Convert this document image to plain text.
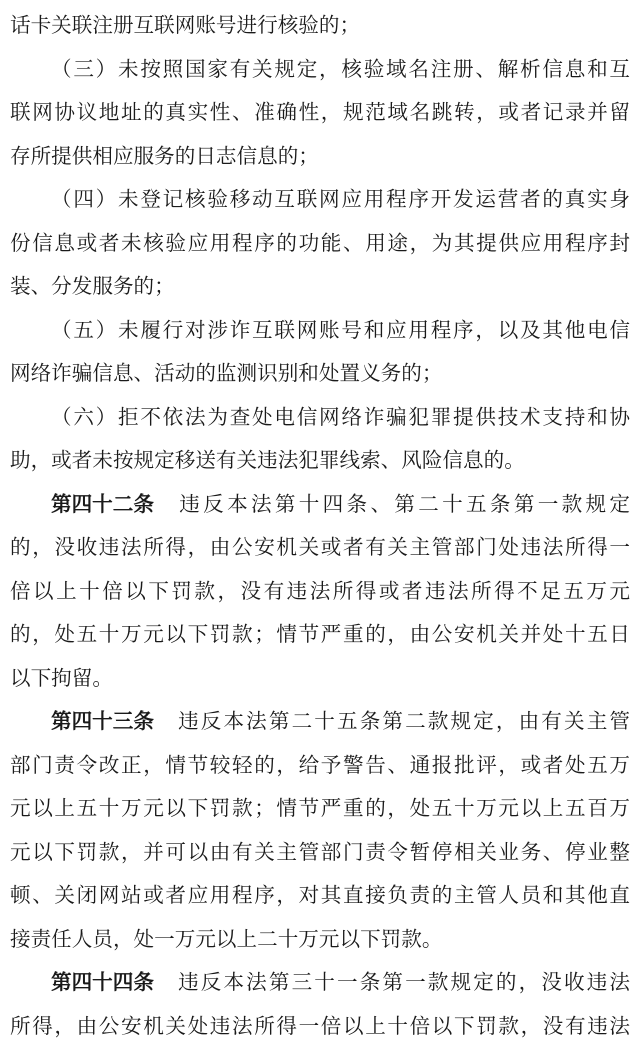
话卡关联注册互联网账号进行核验的；
（三）未按照国家有关规定，核验域名注册、解析信息和互
联网协议地址的真实性、准确性，规范域名跳转，或者记录并留
存所提供相应服务的日志信息的；
（四）未登记核验移动互联网应用程序开发运营者的真实身
份信息或者未核验应用程序的功能、用途，为其提供应用程序封
装、分发服务的；
（五）未履行对涉诈互联网账号和应用程序，以及其他电信
网络诈骗信息、活动的监测识别和处置义务的；
（六）拒不依法为查处电信网络诈骗犯罪提供技术支持和协
助，或者未按规定移送有关违法犯罪线索、风险信息的。
第四十二条 违反本法第十四条、第二十五条第一款规定
的，没收违法所得，由公安机关或者有关主管部门处违法所得一
倍以上十倍以下罚款，没有违法所得或者违法所得不足五万元
的，处五十万元以下罚款；情节严重的，由公安机关并处十五日
以下拘留。
第四十三条 违反本法第二十五条第二款规定，由有关主管
部门责令改正，情节较轻的，给予警告、通报批评，或者处五万
元以上五十万元以下罚款；情节严重的，处五十万元以上五百万
元以下罚款，并可以由有关主管部门责令暂停相关业务、停业整
顿、关闭网站或者应用程序，对其直接负责的主管人员和其他直
接责任人员，处一万元以上二十万元以下罚款。
第四十四条 违反本法第三十一条第一款规定的，没收违法
所得，由公安机关处违法所得一倍以上十倍以下罚款，没有违法
